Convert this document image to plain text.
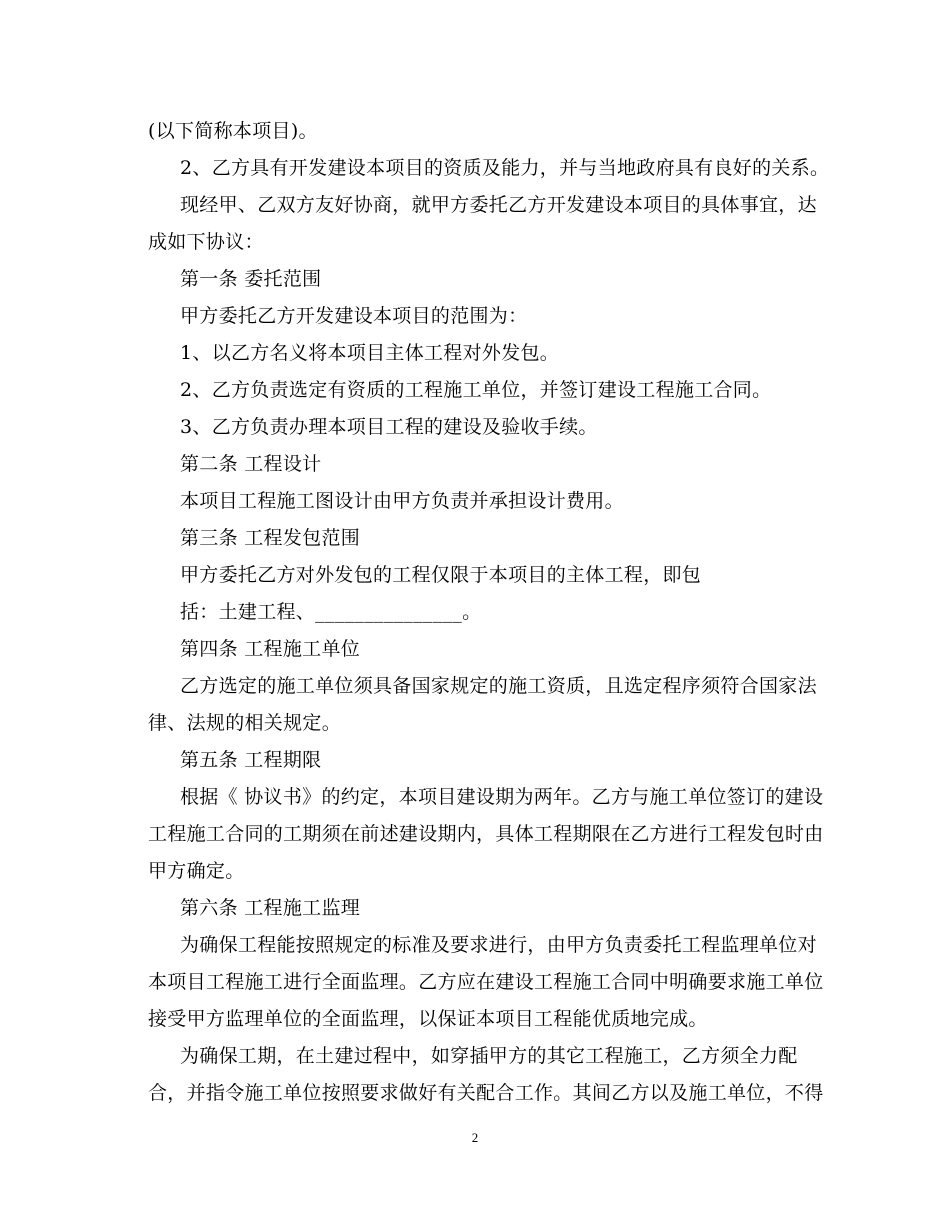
(以下简称本项目)。

2、乙方具有开发建设本项目的资质及能力，并与当地政府具有良好的关系。

现经甲、乙双方友好协商，就甲方委托乙方开发建设本项目的具体事宜，达

成如下协议：

第一条 委托范围

甲方委托乙方开发建设本项目的范围为：

1、以乙方名义将本项目主体工程对外发包。

2、乙方负责选定有资质的工程施工单位，并签订建设工程施工合同。

3、乙方负责办理本项目工程的建设及验收手续。

第二条 工程设计

本项目工程施工图设计由甲方负责并承担设计费用。

第三条 工程发包范围

甲方委托乙方对外发包的工程仅限于本项目的主体工程，即包

括：土建工程、_______________。

第四条 工程施工单位

乙方选定的施工单位须具备国家规定的施工资质，且选定程序须符合国家法

律、法规的相关规定。

第五条 工程期限

根据《 协议书》的约定，本项目建设期为两年。乙方与施工单位签订的建设

工程施工合同的工期须在前述建设期内，具体工程期限在乙方进行工程发包时由

甲方确定。

第六条 工程施工监理

为确保工程能按照规定的标准及要求进行，由甲方负责委托工程监理单位对

本项目工程施工进行全面监理。乙方应在建设工程施工合同中明确要求施工单位

接受甲方监理单位的全面监理，以保证本项目工程能优质地完成。

为确保工期，在土建过程中，如穿插甲方的其它工程施工，乙方须全力配

合，并指令施工单位按照要求做好有关配合工作。其间乙方以及施工单位，不得

2
